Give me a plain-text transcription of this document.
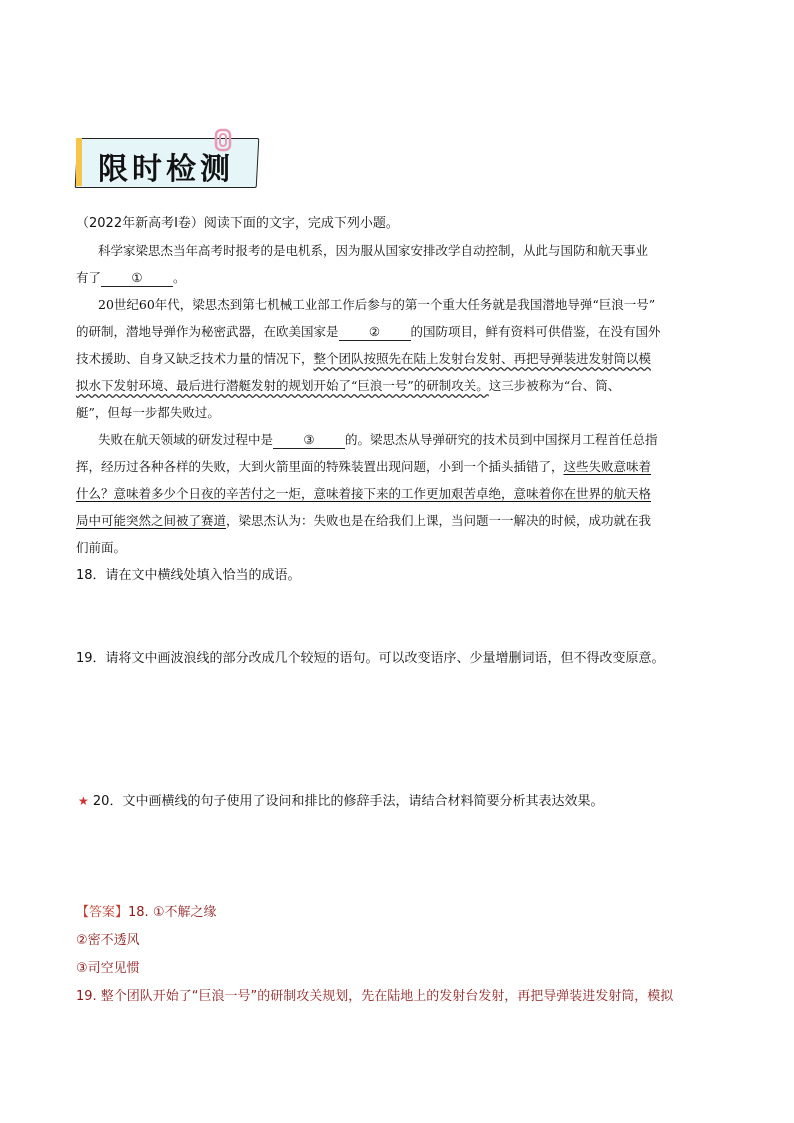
限时检测
（2022年新高考Ⅰ卷）阅读下面的文字，完成下列小题。
科学家梁思杰当年高考时报考的是电机系，因为服从国家安排改学自动控制，从此与国防和航天事业
有了 ① 。
20世纪60年代，梁思杰到第七机械工业部工作后参与的第一个重大任务就是我国潜地导弹“巨浪一号”
的研制，潜地导弹作为秘密武器，在欧美国家是 ② 的国防项目，鲜有资料可供借鉴，在没有国外
技术援助、自身又缺乏技术力量的情况下，整个团队按照先在陆上发射台发射、再把导弹装进发射筒以模
拟水下发射环境、最后进行潜艇发射的规划开始了“巨浪一号”的研制攻关。这三步被称为“台、筒、
艇”，但每一步都失败过。
失败在航天领域的研发过程中是 ③ 的。梁思杰从导弹研究的技术员到中国探月工程首任总指
挥，经历过各种各样的失败，大到火箭里面的特殊装置出现问题，小到一个插头插错了，这些失败意味着
什么？意味着多少个日夜的辛苦付之一炬，意味着接下来的工作更加艰苦卓绝，意味着你在世界的航天格
局中可能突然之间被了赛道，梁思杰认为：失败也是在给我们上课，当问题一一解决的时候，成功就在我
们前面。
18．请在文中横线处填入恰当的成语。
19．请将文中画波浪线的部分改成几个较短的语句。可以改变语序、少量增删词语，但不得改变原意。
★ 20．文中画横线的句子使用了设问和排比的修辞手法，请结合材料简要分析其表达效果。
【答案】18. ①不解之缘
②密不透风
③司空见惯
19. 整个团队开始了“巨浪一号”的研制攻关规划，先在陆地上的发射台发射，再把导弹装进发射筒，模拟
